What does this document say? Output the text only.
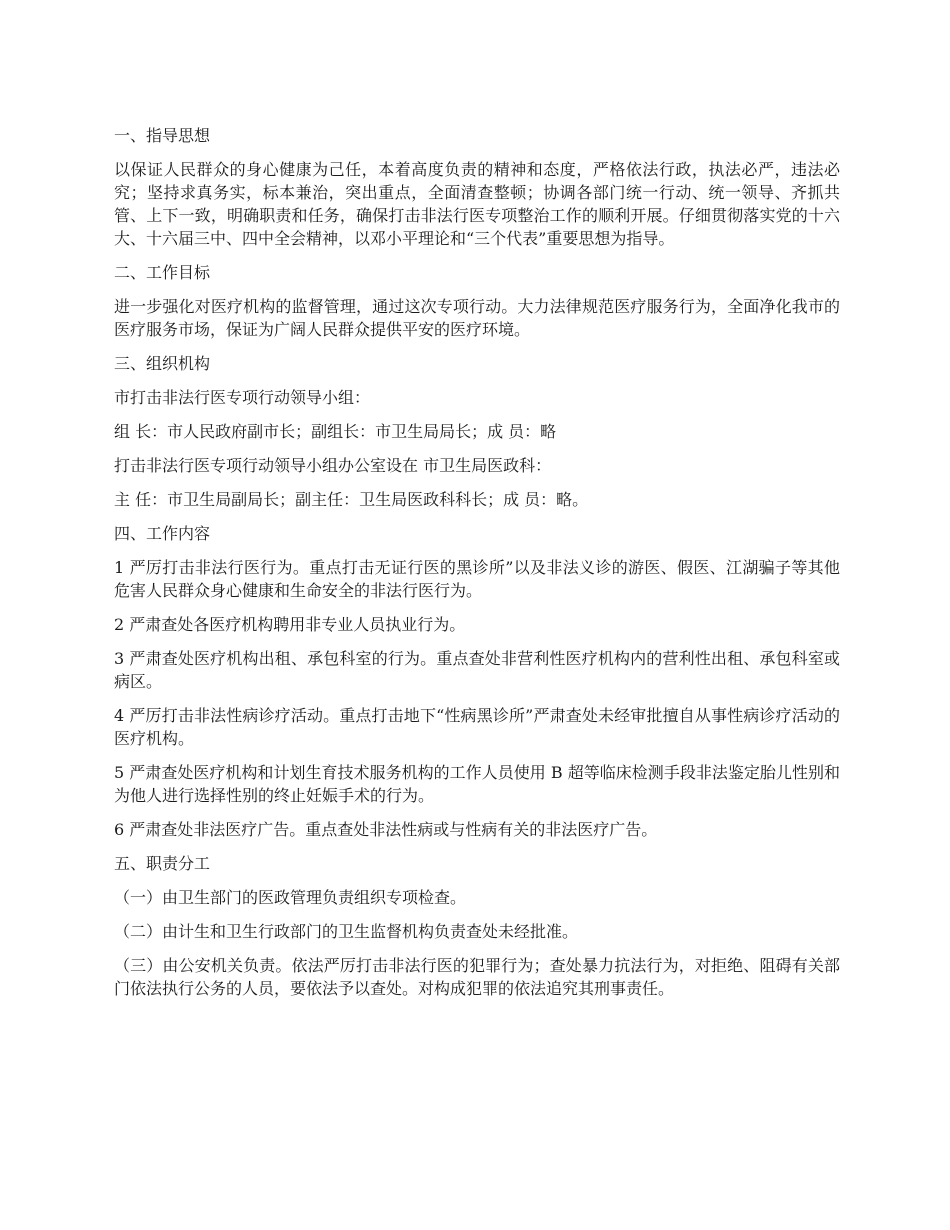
一、指导思想
以保证人民群众的身心健康为己任，本着高度负责的精神和态度，严格依法行政，执法必严，违法必究；坚持求真务实，标本兼治，突出重点，全面清查整顿；协调各部门统一行动、统一领导、齐抓共管、上下一致，明确职责和任务，确保打击非法行医专项整治工作的顺利开展。仔细贯彻落实党的十六大、十六届三中、四中全会精神，以邓小平理论和“三个代表”重要思想为指导。
二、工作目标
进一步强化对医疗机构的监督管理，通过这次专项行动。大力法律规范医疗服务行为，全面净化我市的医疗服务市场，保证为广阔人民群众提供平安的医疗环境。
三、组织机构
市打击非法行医专项行动领导小组：
组 长：市人民政府副市长；副组长：市卫生局局长；成 员：略
打击非法行医专项行动领导小组办公室设在 市卫生局医政科：
主 任：市卫生局副局长；副主任：卫生局医政科科长；成 员：略。
四、工作内容
1 严厉打击非法行医行为。重点打击无证行医的黑诊所”以及非法义诊的游医、假医、江湖骗子等其他危害人民群众身心健康和生命安全的非法行医行为。
2 严肃查处各医疗机构聘用非专业人员执业行为。
3 严肃查处医疗机构出租、承包科室的行为。重点查处非营利性医疗机构内的营利性出租、承包科室或病区。
4 严厉打击非法性病诊疗活动。重点打击地下“性病黑诊所”严肃查处未经审批擅自从事性病诊疗活动的医疗机构。
5 严肃查处医疗机构和计划生育技术服务机构的工作人员使用 B 超等临床检测手段非法鉴定胎儿性别和为他人进行选择性别的终止妊娠手术的行为。
6 严肃查处非法医疗广告。重点查处非法性病或与性病有关的非法医疗广告。
五、职责分工
（一）由卫生部门的医政管理负责组织专项检查。
（二）由计生和卫生行政部门的卫生监督机构负责查处未经批准。
（三）由公安机关负责。依法严厉打击非法行医的犯罪行为；查处暴力抗法行为，对拒绝、阻碍有关部门依法执行公务的人员，要依法予以查处。对构成犯罪的依法追究其刑事责任。
